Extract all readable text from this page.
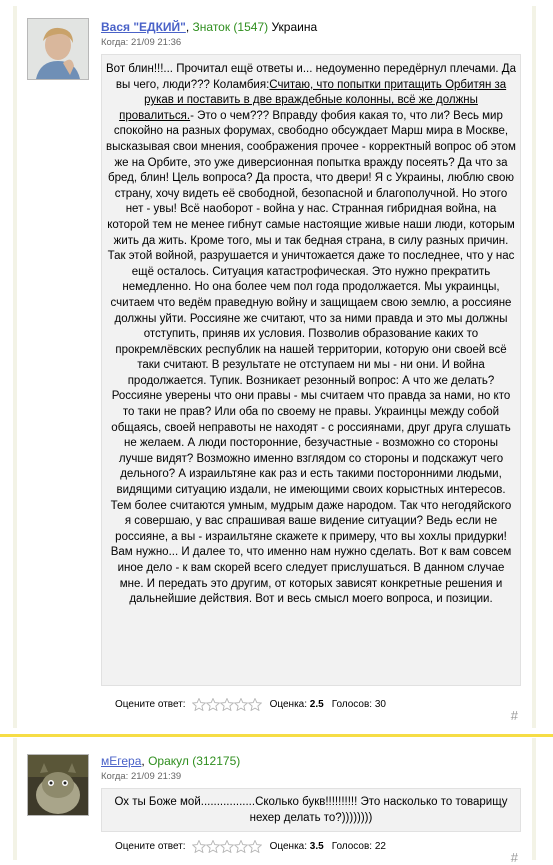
Вася "ЕДКИЙ", Знаток (1547) Украина
Когда: 21/09 21:36
Вот блин!!!... Прочитал ещё ответы и... недоуменно передёрнул плечами. Да вы чего, люди??? Коламбия:Считаю, что попытки притащить Орбитян за рукав и поставить в две враждебные колонны, всё же должны провалиться.- Это о чем??? Вправду фобия какая то, что ли? Весь мир спокойно на разных форумах, свободно обсуждает Марш мира в Москве, высказывая свои мнения, соображения прочее - корректный вопрос об этом же на Орбите, это уже диверсионная попытка вражду посеять? Да что за бред, блин! Цель вопроса? Да проста, что двери! Я с Украины, люблю свою страну, хочу видеть её свободной, безопасной и благополучной. Но этого нет - увы! Всё наоборот - война у нас. Странная гибридная война, на которой тем не менее гибнут самые настоящие живые наши люди, которым жить да жить. Кроме того, мы и так бедная страна, в силу разных причин. Так этой войной, разрушается и уничтожается даже то последнее, что у нас ещё осталось. Ситуация катастрофическая. Это нужно прекратить немедленно. Но она более чем пол года продолжается. Мы украинцы, считаем что ведём праведную войну и защищаем свою землю, а россияне должны уйти. Россияне же считают, что за ними правда и это мы должны отступить, приняв их условия. Позволив образование каких то прокремлёвских республик на нашей территории, которую они своей всё таки считают. В результате не отступаем ни мы - ни они. И война продолжается. Тупик. Возникает резонный вопрос: А что же делать? Россияне уверены что они правы - мы считаем что правда за нами, но кто то таки не прав? Или оба по своему не правы. Украинцы между собой общаясь, своей неправоты не находят - с россиянами, друг друга слушать не желаем. А люди посторонние, безучастные - возможно со стороны лучше видят? Возможно именно взглядом со стороны и подскажут чего дельного? А израильтяне как раз и есть такими посторонними людьми, видящими ситуацию издали, не имеющими своих корыстных интересов. Тем более считаются умным, мудрым даже народом. Так что негодяйского я совершаю, у вас спрашивая ваше видение ситуации? Ведь если не россияне, а вы - израильтяне скажете к примеру, что вы хохлы придурки! Вам нужно... И далее то, что именно нам нужно сделать. Вот к вам совсем иное дело - к вам скорей всего следует прислушаться. В данном случае мне. И передать это другим, от которых зависят конкретные решения и дальнейшие действия. Вот и весь смысл моего вопроса, и позиции.
Оцените ответ:	Оценка:
2.5 Голосов:
30
#
мЕгера, Оракул (312175)
Когда: 21/09 21:39
Ох ты Боже мой.................Сколько букв!!!!!!!!!! Это насколько то товарищу нехер делать то?))))))))
Оцените ответ:	Оценка:
3.5 Голосов:
22
#
